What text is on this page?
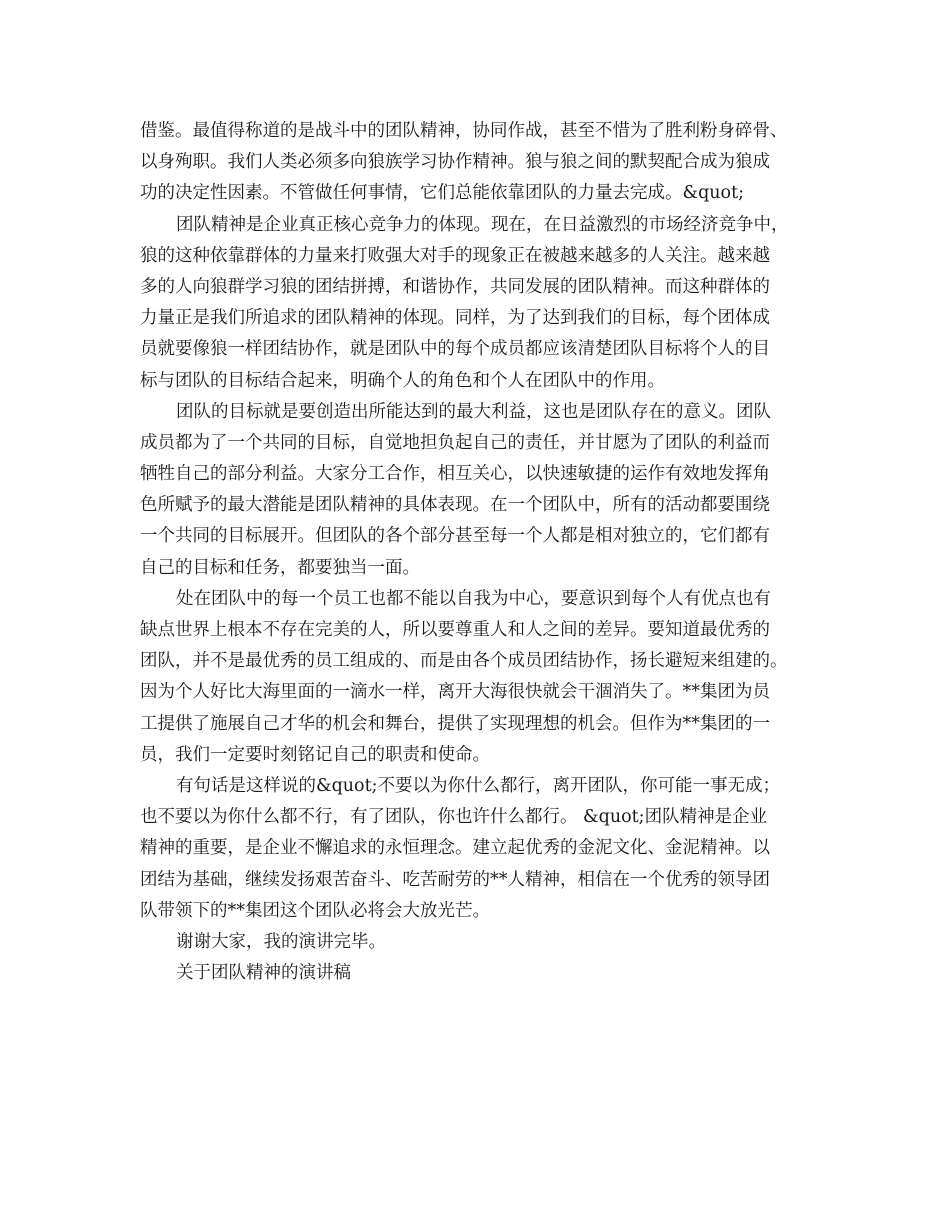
借鉴。最值得称道的是战斗中的团队精神，协同作战，甚至不惜为了胜利粉身碎骨、
以身殉职。我们人类必须多向狼族学习协作精神。狼与狼之间的默契配合成为狼成
功的决定性因素。不管做任何事情，它们总能依靠团队的力量去完成。&quot;
团队精神是企业真正核心竞争力的体现。现在，在日益激烈的市场经济竞争中，
狼的这种依靠群体的力量来打败强大对手的现象正在被越来越多的人关注。越来越
多的人向狼群学习狼的团结拼搏，和谐协作，共同发展的团队精神。而这种群体的
力量正是我们所追求的团队精神的体现。同样，为了达到我们的目标，每个团体成
员就要像狼一样团结协作，就是团队中的每个成员都应该清楚团队目标将个人的目
标与团队的目标结合起来，明确个人的角色和个人在团队中的作用。
团队的目标就是要创造出所能达到的最大利益，这也是团队存在的意义。团队
成员都为了一个共同的目标，自觉地担负起自己的责任，并甘愿为了团队的利益而
牺牲自己的部分利益。大家分工合作，相互关心，以快速敏捷的运作有效地发挥角
色所赋予的最大潜能是团队精神的具体表现。在一个团队中，所有的活动都要围绕
一个共同的目标展开。但团队的各个部分甚至每一个人都是相对独立的，它们都有
自己的目标和任务，都要独当一面。
处在团队中的每一个员工也都不能以自我为中心，要意识到每个人有优点也有
缺点世界上根本不存在完美的人，所以要尊重人和人之间的差异。要知道最优秀的
团队，并不是最优秀的员工组成的、而是由各个成员团结协作，扬长避短来组建的。
因为个人好比大海里面的一滴水一样，离开大海很快就会干涸消失了。**集团为员
工提供了施展自己才华的机会和舞台，提供了实现理想的机会。但作为**集团的一
员，我们一定要时刻铭记自己的职责和使命。
有句话是这样说的&quot;不要以为你什么都行，离开团队，你可能一事无成；
也不要以为你什么都不行，有了团队，你也许什么都行。 &quot;团队精神是企业
精神的重要，是企业不懈追求的永恒理念。建立起优秀的金泥文化、金泥精神。以
团结为基础，继续发扬艰苦奋斗、吃苦耐劳的**人精神，相信在一个优秀的领导团
队带领下的**集团这个团队必将会大放光芒。
谢谢大家，我的演讲完毕。
关于团队精神的演讲稿
